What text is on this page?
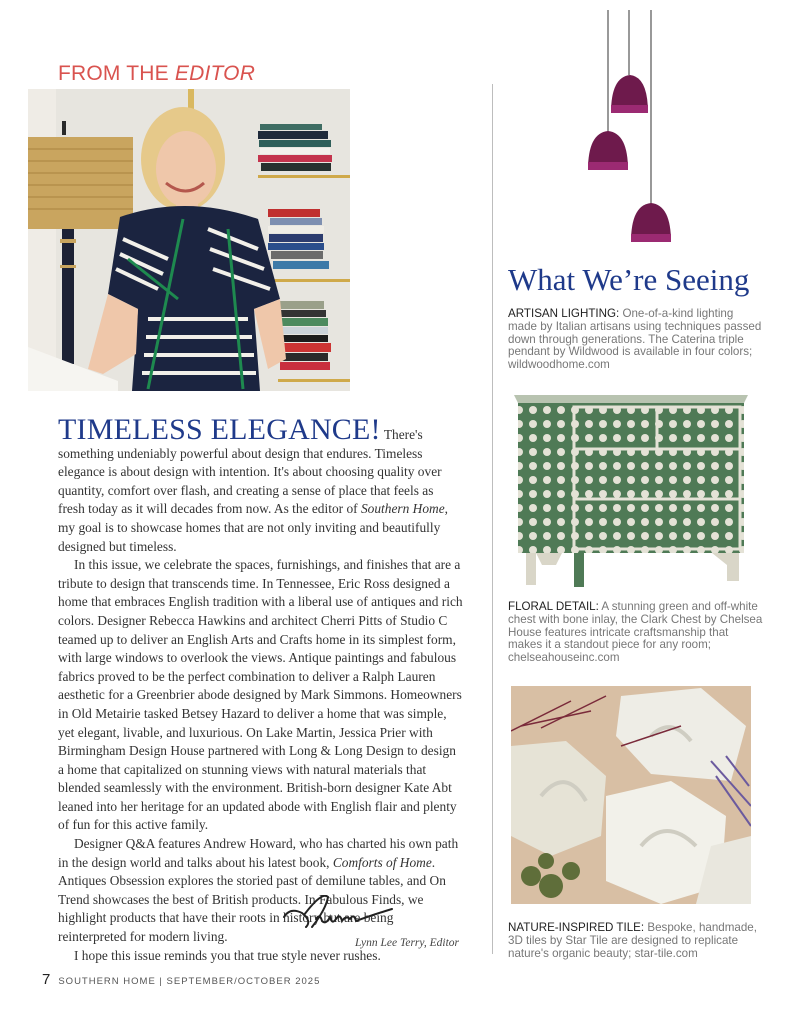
FROM THE EDITOR

TIMELESS ELEGANCE! There's something undeniably powerful about design that endures. Timeless elegance is about design with intention. It's about choosing quality over quantity, comfort over flash, and creating a sense of place that feels as fresh today as it will decades from now. As the editor of Southern Home, my goal is to showcase homes that are not only inviting and beautifully designed but timeless.

In this issue, we celebrate the spaces, furnishings, and finishes that are a tribute to design that transcends time. In Tennessee, Eric Ross designed a home that embraces English tradition with a liberal use of antiques and rich colors. Designer Rebecca Hawkins and architect Cherri Pitts of Studio C teamed up to deliver an English Arts and Crafts home in its simplest form, with large windows to overlook the views. Antique paintings and fabulous fabrics proved to be the perfect combination to deliver a Ralph Lauren aesthetic for a Greenbrier abode designed by Mark Simmons. Homeowners in Old Metairie tasked Betsey Hazard to deliver a home that was simple, yet elegant, livable, and luxurious. On Lake Martin, Jessica Prier with Birmingham Design House partnered with Long & Long Design to design a home that capitalized on stunning views with natural materials that blended seamlessly with the environment. British-born designer Kate Abt leaned into her heritage for an updated abode with English flair and plenty of fun for this active family.

Designer Q&A features Andrew Howard, who has charted his own path in the design world and talks about his latest book, Comforts of Home. Antiques Obsession explores the storied past of demilune tables, and On Trend showcases the best of British products. In Fabulous Finds, we highlight products that have their roots in history but are being reinterpreted for modern living.

I hope this issue reminds you that true style never rushes.

Lynn Lee Terry, Editor
7 SOUTHERN HOME | SEPTEMBER/OCTOBER 2025
What We’re Seeing
ARTISAN LIGHTING: One-of-a-kind lighting made by Italian artisans using techniques passed down through generations. The Caterina triple pendant by Wildwood is available in four colors; wildwoodhome.com
FLORAL DETAIL: A stunning green and off-white chest with bone inlay, the Clark Chest by Chelsea House features intricate craftsmanship that makes it a standout piece for any room; chelseahouseinc.com
NATURE-INSPIRED TILE: Bespoke, handmade, 3D tiles by Star Tile are designed to replicate nature's organic beauty; star-tile.com
